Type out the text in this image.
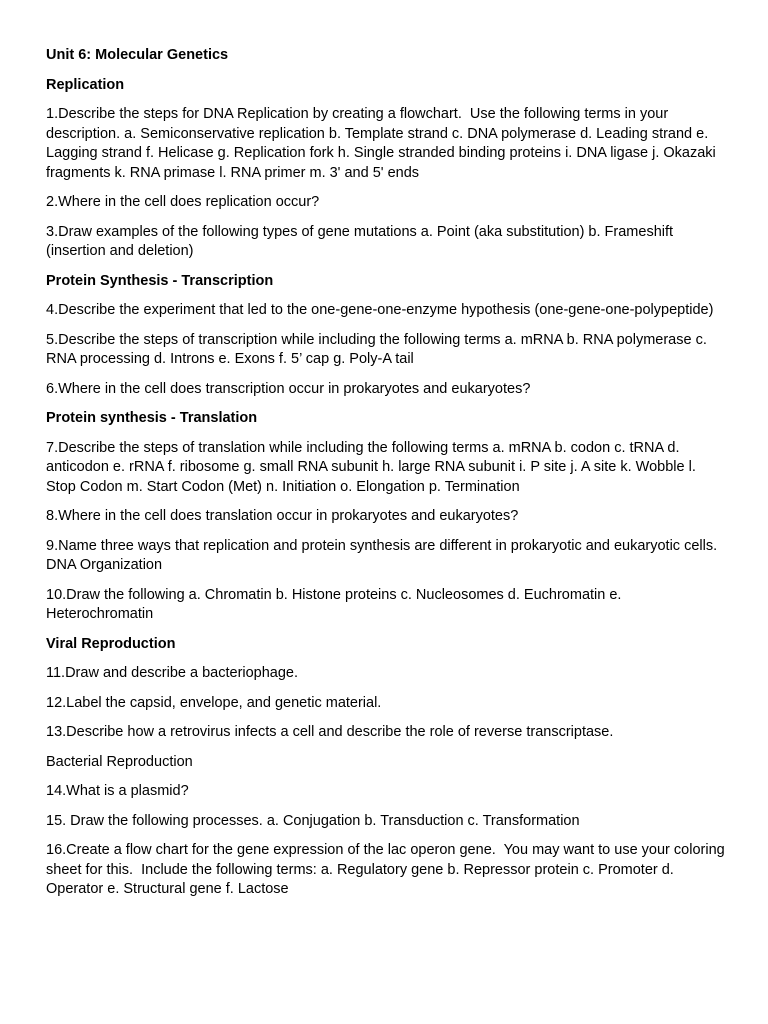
Unit 6: Molecular Genetics
Replication
1.Describe the steps for DNA Replication by creating a flowchart.  Use the following terms in your description. a. Semiconservative replication b. Template strand c. DNA polymerase d. Leading strand e. Lagging strand f. Helicase g. Replication fork h. Single stranded binding proteins i. DNA ligase j. Okazaki fragments k. RNA primase l. RNA primer m. 3' and 5' ends
2.Where in the cell does replication occur?
3.Draw examples of the following types of gene mutations a. Point (aka substitution) b. Frameshift (insertion and deletion)
Protein Synthesis - Transcription
4.Describe the experiment that led to the one-gene-one-enzyme hypothesis (one-gene-one-polypeptide)
5.Describe the steps of transcription while including the following terms a. mRNA b. RNA polymerase c. RNA processing d. Introns e. Exons f. 5’ cap g. Poly-A tail
6.Where in the cell does transcription occur in prokaryotes and eukaryotes?
Protein synthesis - Translation
7.Describe the steps of translation while including the following terms a. mRNA b. codon c. tRNA d. anticodon e. rRNA f. ribosome g. small RNA subunit h. large RNA subunit i. P site j. A site k. Wobble l. Stop Codon m. Start Codon (Met) n. Initiation o. Elongation p. Termination
8.Where in the cell does translation occur in prokaryotes and eukaryotes?
9.Name three ways that replication and protein synthesis are different in prokaryotic and eukaryotic cells. DNA Organization
10.Draw the following a. Chromatin b. Histone proteins c. Nucleosomes d. Euchromatin e. Heterochromatin
Viral Reproduction
11.Draw and describe a bacteriophage.
12.Label the capsid, envelope, and genetic material.
13.Describe how a retrovirus infects a cell and describe the role of reverse transcriptase.
Bacterial Reproduction
14.What is a plasmid?
15. Draw the following processes. a. Conjugation b. Transduction c. Transformation
16.Create a flow chart for the gene expression of the lac operon gene.  You may want to use your coloring sheet for this.  Include the following terms: a. Regulatory gene b. Repressor protein c. Promoter d. Operator e. Structural gene f. Lactose
